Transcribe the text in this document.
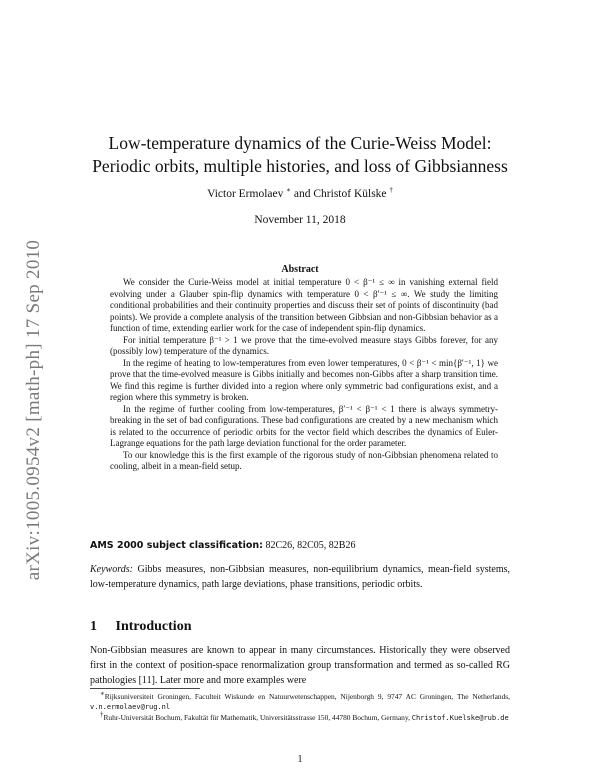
arXiv:1005.0954v2 [math-ph] 17 Sep 2010
Low-temperature dynamics of the Curie-Weiss Model:
Periodic orbits, multiple histories, and loss of Gibbsianness
Victor Ermolaev ∗ and Christof Külske †
November 11, 2018
Abstract

We consider the Curie-Weiss model at initial temperature 0 < β⁻¹ ≤ ∞ in vanishing external field evolving under a Glauber spin-flip dynamics with temperature 0 < β′⁻¹ ≤ ∞. We study the limiting conditional probabilities and their continuity properties and discuss their set of points of discontinuity (bad points). We provide a complete analysis of the transition between Gibbsian and non-Gibbsian behavior as a function of time, extending earlier work for the case of independent spin-flip dynamics.

For initial temperature β⁻¹ > 1 we prove that the time-evolved measure stays Gibbs forever, for any (possibly low) temperature of the dynamics.

In the regime of heating to low-temperatures from even lower temperatures, 0 < β⁻¹ < min{β′⁻¹, 1} we prove that the time-evolved measure is Gibbs initially and becomes non-Gibbs after a sharp transition time. We find this regime is further divided into a region where only symmetric bad configurations exist, and a region where this symmetry is broken.

In the regime of further cooling from low-temperatures, β′⁻¹ < β⁻¹ < 1 there is always symmetry-breaking in the set of bad configurations. These bad configurations are created by a new mechanism which is related to the occurrence of periodic orbits for the vector field which describes the dynamics of Euler-Lagrange equations for the path large deviation functional for the order parameter.

To our knowledge this is the first example of the rigorous study of non-Gibbsian phenomena related to cooling, albeit in a mean-field setup.

AMS 2000 subject classification: 82C26, 82C05, 82B26
Keywords: Gibbs measures, non-Gibbsian measures, non-equilibrium dynamics, mean-field systems, low-temperature dynamics, path large deviations, phase transitions, periodic orbits.
1 Introduction
Non-Gibbsian measures are known to appear in many circumstances. Historically they were observed first in the context of position-space renormalization group transformation and termed as so-called RG pathologies [11]. Later more and more examples were

∗Rijksuniversiteit Groningen, Faculteit Wiskunde en Natuurwetenschappen, Nijenborgh 9, 9747 AC Groningen, The Netherlands, v.n.ermolaev@rug.nl

†Ruhr-Universität Bochum, Fakultät für Mathematik, Universitätsstrasse 150, 44780 Bochum, Germany, Christof.Kuelske@rub.de

1
